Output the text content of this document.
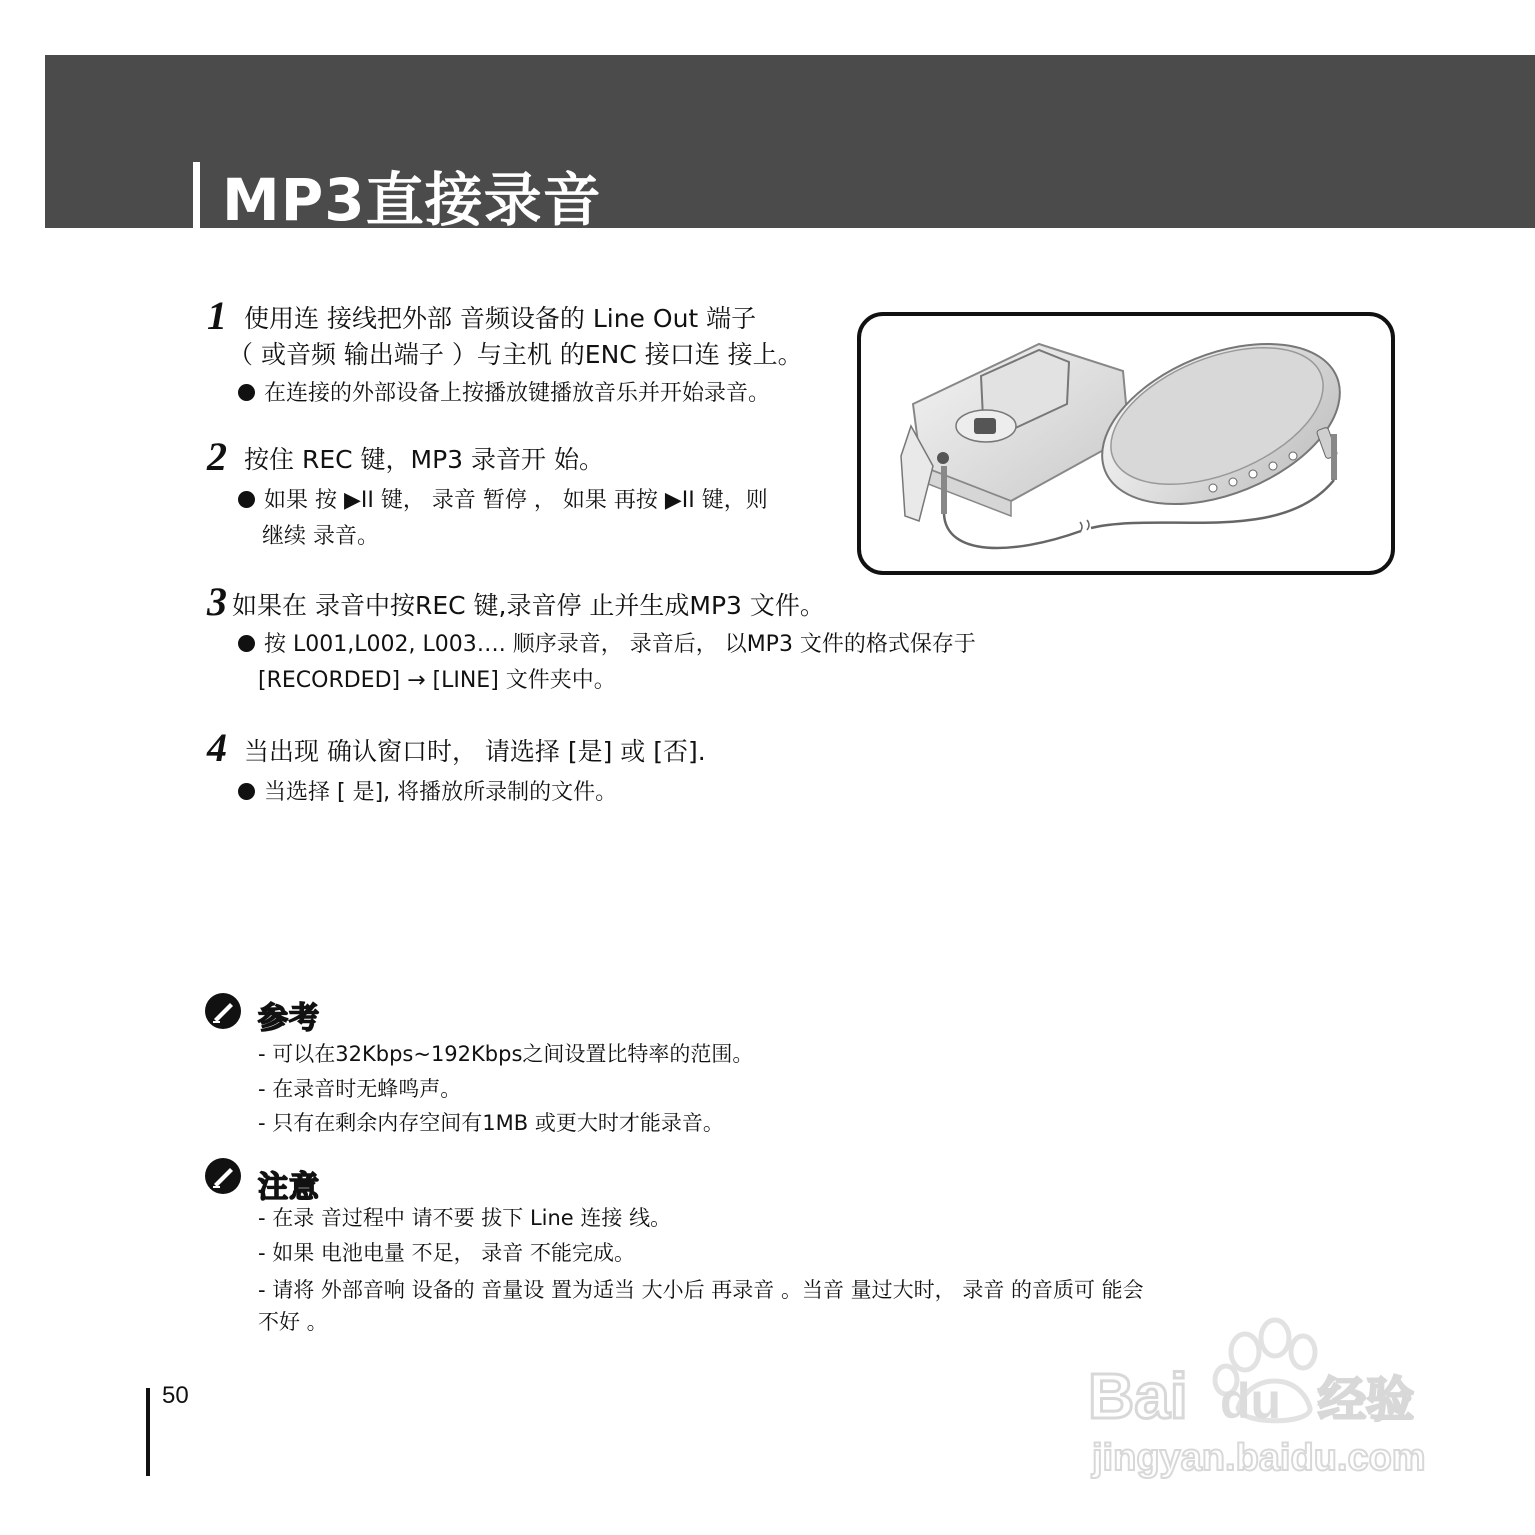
MP3直接录音
1 使用连 接线把外部 音频设备的 Line Out 端子
（ 或音频 输出端子 ）与主机 的ENC 接口连 接上。
在连接的外部设备上按播放键播放音乐并开始录音。
2 按住 REC 键，MP3 录音开 始。
如果 按 ▶II 键， 录音 暂停 ， 如果 再按 ▶II 键，则
继续 录音。
3 如果在 录音中按REC 键,录音停 止并生成MP3 文件。
按 L001,L002, L003…. 顺序录音， 录音后， 以MP3 文件的格式保存于
[RECORDED] → [LINE] 文件夹中。
4 当出现 确认窗口时， 请选择 [是] 或 [否].
当选择 [ 是], 将播放所录制的文件。
参考
- 可以在32Kbps~192Kbps之间设置比特率的范围。
- 在录音时无蜂鸣声。
- 只有在剩余内存空间有1MB 或更大时才能录音。
注意
- 在录 音过程中 请不要 拔下 Line 连接 线。
- 如果 电池电量 不足， 录音 不能完成。
- 请将 外部音响 设备的 音量设 置为适当 大小后 再录音 。当音 量过大时， 录音 的音质可 能会
不好 。
50	Bai du 经验
jingyan.baidu.com
